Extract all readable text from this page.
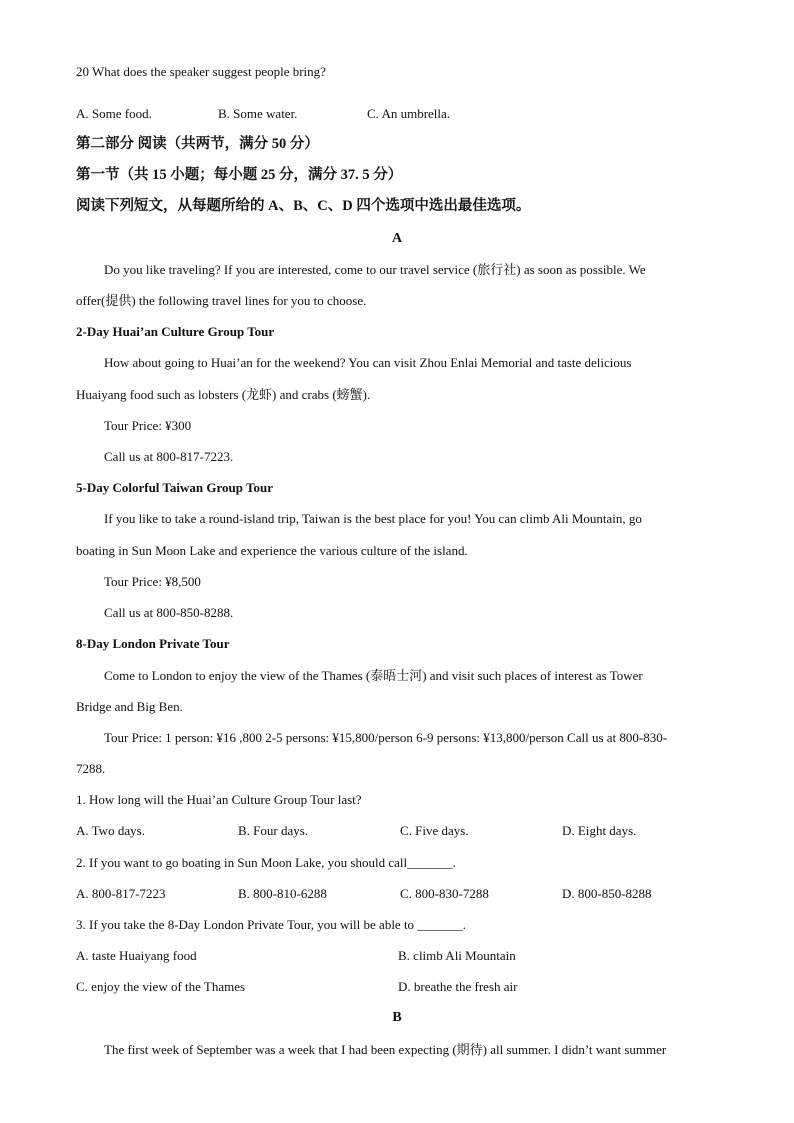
20 What does the speaker suggest people bring?
A. Some food.	B. Some water.	C. An umbrella.
第二部分 阅读（共两节，满分 50 分）
第一节（共 15 小题；每小题 25 分，满分 37. 5 分）
阅读下列短文，从每题所给的 A、B、C、D 四个选项中选出最佳选项。
A
Do you like traveling? If you are interested, come to our travel service (旅行社) as soon as possible. We
offer(提供) the following travel lines for you to choose.
2-Day Huai’an Culture Group Tour
How about going to Huai’an for the weekend? You can visit Zhou Enlai Memorial and taste delicious
Huaiyang food such as lobsters (龙虾) and crabs (螃蟹).
Tour Price: ¥300
Call us at 800-817-7223.
5-Day Colorful Taiwan Group Tour
If you like to take a round-island trip, Taiwan is the best place for you! You can climb Ali Mountain, go
boating in Sun Moon Lake and experience the various culture of the island.
Tour Price: ¥8,500
Call us at 800-850-8288.
8-Day London Private Tour
Come to London to enjoy the view of the Thames (泰晤士河) and visit such places of interest as Tower
Bridge and Big Ben.
Tour Price: 1 person: ¥16 ,800 2-5 persons: ¥15,800/person 6-9 persons: ¥13,800/person Call us at 800-830-
7288.
1. How long will the Huai’an Culture Group Tour last?
A. Two days.	B. Four days.	C. Five days.	D. Eight days.
2. If you want to go boating in Sun Moon Lake, you should call_______.
A. 800-817-7223	B. 800-810-6288	C. 800-830-7288	D. 800-850-8288
3. If you take the 8-Day London Private Tour, you will be able to _______.
A. taste Huaiyang food	B. climb Ali Mountain
C. enjoy the view of the Thames	D. breathe the fresh air
B
The first week of September was a week that I had been expecting (期待) all summer. I didn’t want summer
